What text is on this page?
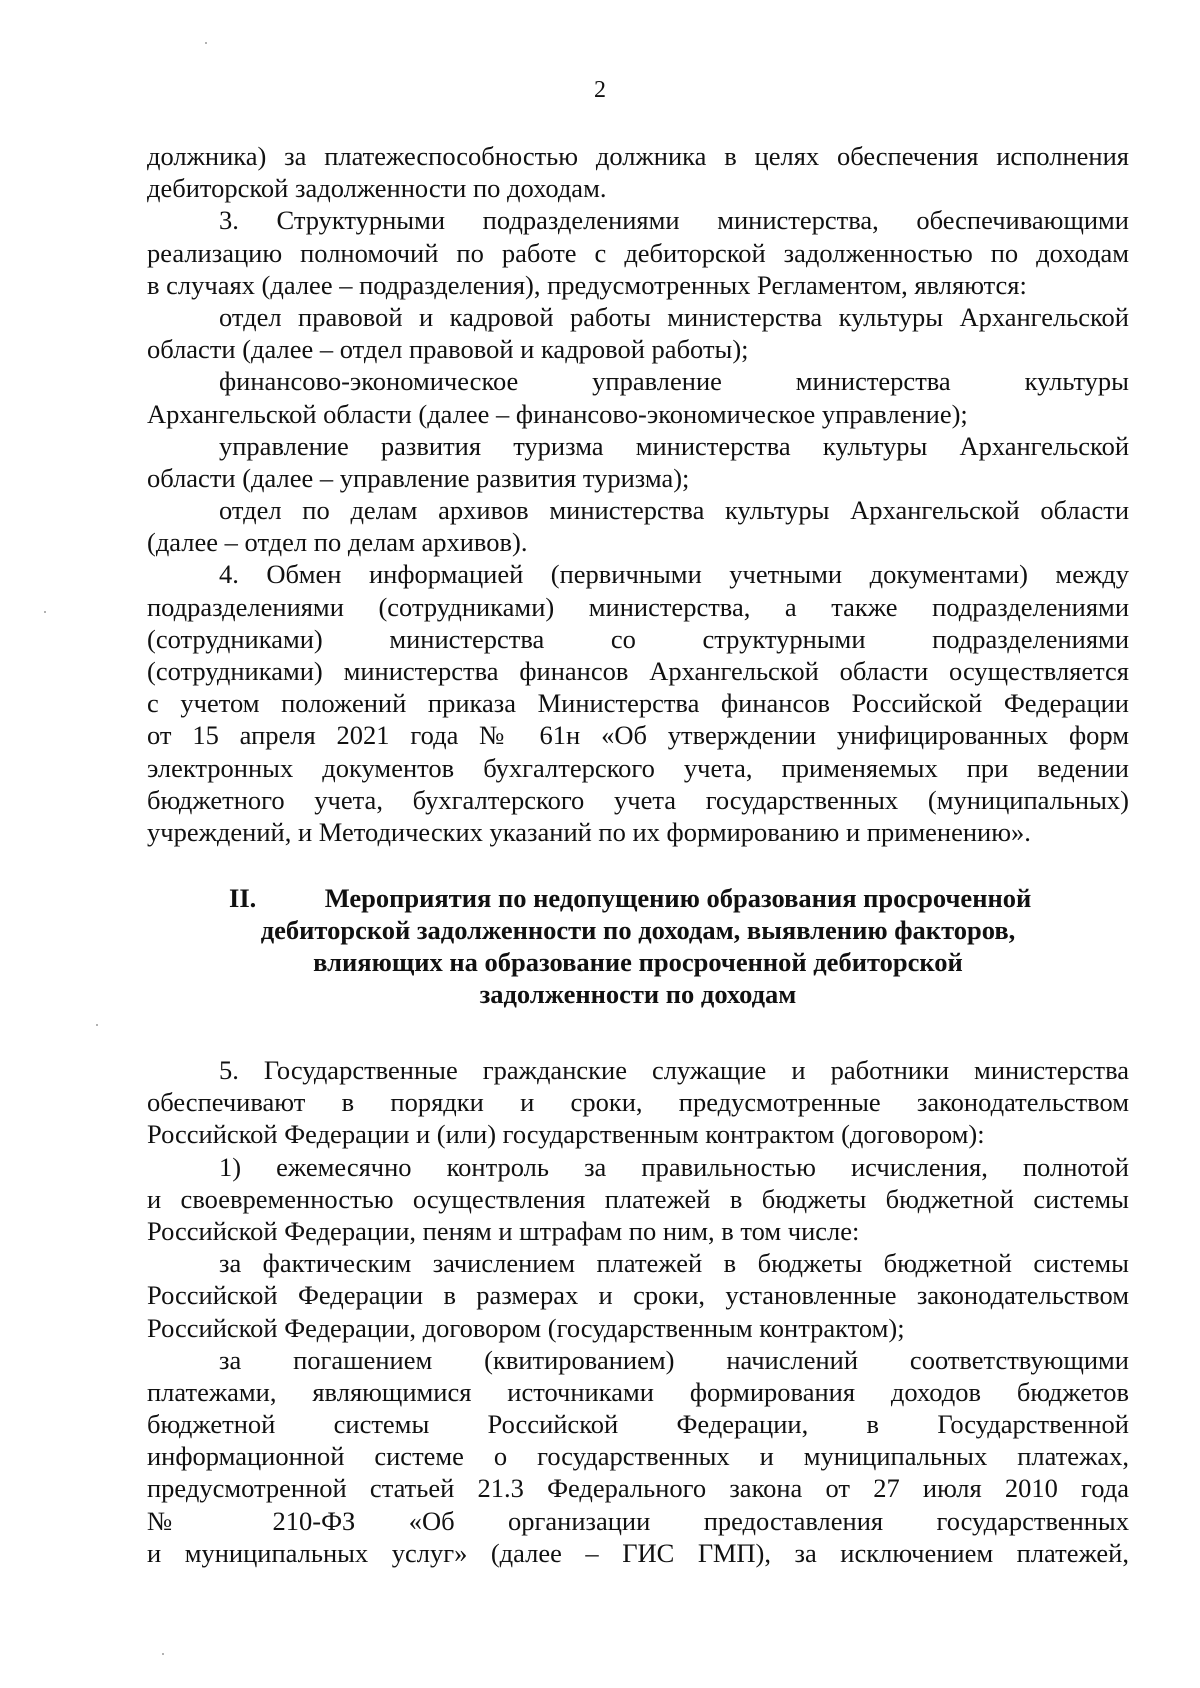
2
должника) за платежеспособностью должника в целях обеспечения исполнения
дебиторской задолженности по доходам.
3. Структурными подразделениями министерства, обеспечивающими
реализацию полномочий по работе с дебиторской задолженностью по доходам
в случаях (далее – подразделения), предусмотренных Регламентом, являются:
отдел правовой и кадровой работы министерства культуры Архангельской
области (далее – отдел правовой и кадровой работы);
финансово-экономическое управление министерства культуры
Архангельской области (далее – финансово-экономическое управление);
управление развития туризма министерства культуры Архангельской
области (далее – управление развития туризма);
отдел по делам архивов министерства культуры Архангельской области
(далее – отдел по делам архивов).
4. Обмен информацией (первичными учетными документами) между
подразделениями (сотрудниками) министерства, а также подразделениями
(сотрудниками) министерства со структурными подразделениями
(сотрудниками) министерства финансов Архангельской области осуществляется
с учетом положений приказа Министерства финансов Российской Федерации
от 15 апреля 2021 года № 61н «Об утверждении унифицированных форм
электронных документов бухгалтерского учета, применяемых при ведении
бюджетного учета, бухгалтерского учета государственных (муниципальных)
учреждений, и Методических указаний по их формированию и применению».
II.	Мероприятия по недопущению образования просроченной
дебиторской задолженности по доходам, выявлению факторов,
влияющих на образование просроченной дебиторской
задолженности по доходам
5. Государственные гражданские служащие и работники министерства
обеспечивают в порядки и сроки, предусмотренные законодательством
Российской Федерации и (или) государственным контрактом (договором):
1) ежемесячно контроль за правильностью исчисления, полнотой
и своевременностью осуществления платежей в бюджеты бюджетной системы
Российской Федерации, пеням и штрафам по ним, в том числе:
за фактическим зачислением платежей в бюджеты бюджетной системы
Российской Федерации в размерах и сроки, установленные законодательством
Российской Федерации, договором (государственным контрактом);
за погашением (квитированием) начислений соответствующими
платежами, являющимися источниками формирования доходов бюджетов
бюджетной системы Российской Федерации, в Государственной
информационной системе о государственных и муниципальных платежах,
предусмотренной статьей 21.3 Федерального закона от 27 июля 2010 года
№ 210-ФЗ «Об организации предоставления государственных
и муниципальных услуг» (далее – ГИС ГМП), за исключением платежей,
